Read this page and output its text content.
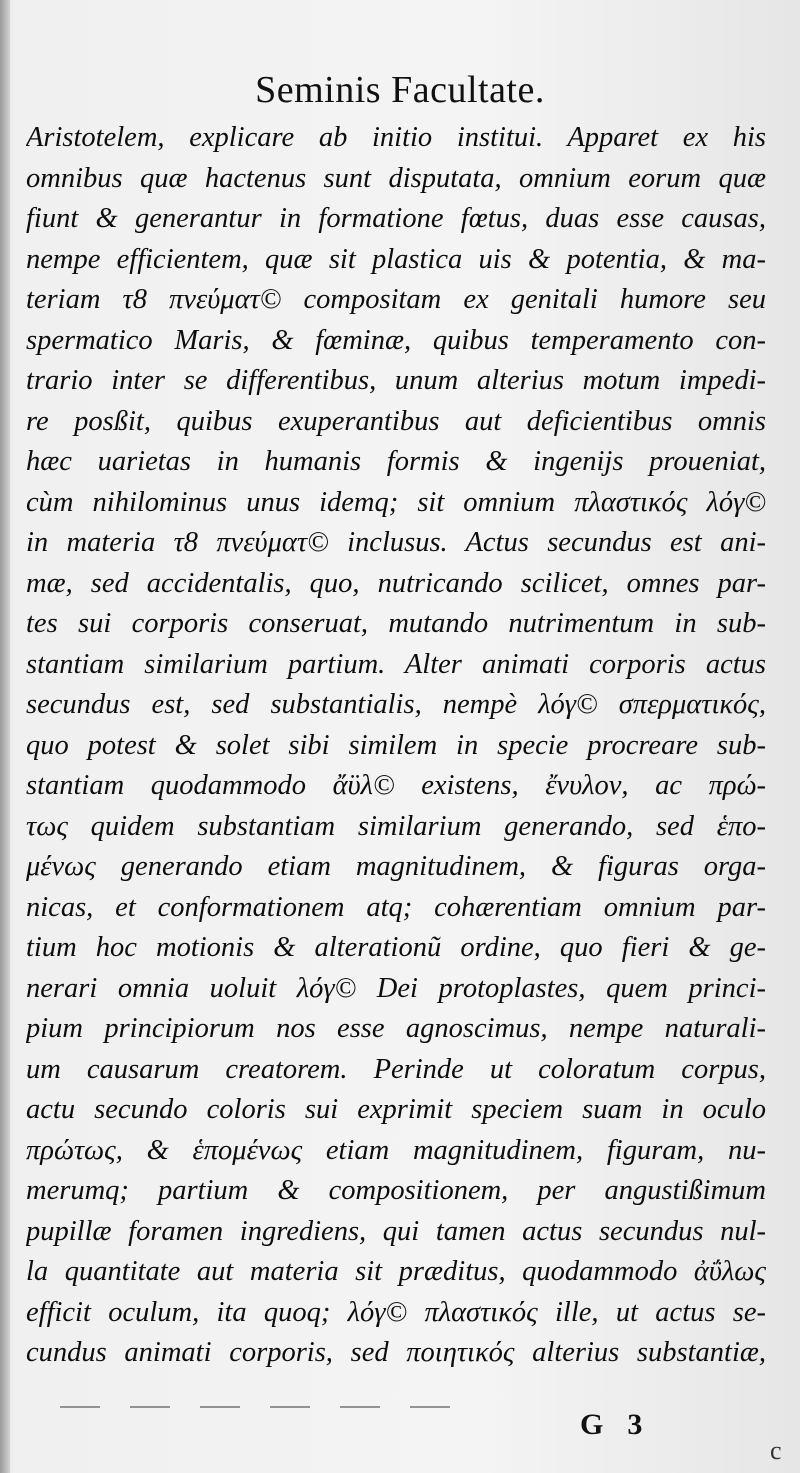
Seminis Facultate.
Aristotelem, explicare ab initio institui. Apparet ex his
omnibus quæ hactenus sunt disputata, omnium eorum quæ
fiunt & generantur in formatione fœtus, duas esse causas,
nempe efficientem, quæ sit plastica uis & potentia, & ma-
teriam τ8 πνεύματ© compositam ex genitali humore seu
spermatico Maris, & fœminæ, quibus temperamento con-
trario inter se differentibus, unum alterius motum impedi-
re posßit, quibus exuperantibus aut deficientibus omnis
hæc uarietas in humanis formis & ingenijs proueniat,
cùm nihilominus unus idemq; sit omnium πλαστικός λόγ©
in materia τ8 πνεύματ© inclusus. Actus secundus est ani-
mæ, sed accidentalis, quo, nutricando scilicet, omnes par-
tes sui corporis conseruat, mutando nutrimentum in sub-
stantiam similarium partium. Alter animati corporis actus
secundus est, sed substantialis, nempè λόγ© σπερματικός,
quo potest & solet sibi similem in specie procreare sub-
stantiam quodammodo ἄϋλ© existens, ἔνυλον, ac πρώ-
τως quidem substantiam similarium generando, sed ἑπο-
μένως generando etiam magnitudinem, & figuras orga-
nicas, et conformationem atq; cohærentiam omnium par-
tium hoc motionis & alterationũ ordine, quo fieri & ge-
nerari omnia uoluit λόγ© Dei protoplastes, quem princi-
pium principiorum nos esse agnoscimus, nempe naturali-
um causarum creatorem. Perinde ut coloratum corpus,
actu secundo coloris sui exprimit speciem suam in oculo
πρώτως, & ἑπομένως etiam magnitudinem, figuram, nu-
merumq; partium & compositionem, per angustißimum
pupillæ foramen ingrediens, qui tamen actus secundus nul-
la quantitate aut materia sit præditus, quodammodo ἀΰλως
efficit oculum, ita quoq; λόγ© πλαστικός ille, ut actus se-
cundus animati corporis, sed ποιητικός alterius substantiæ,
G 3
c
